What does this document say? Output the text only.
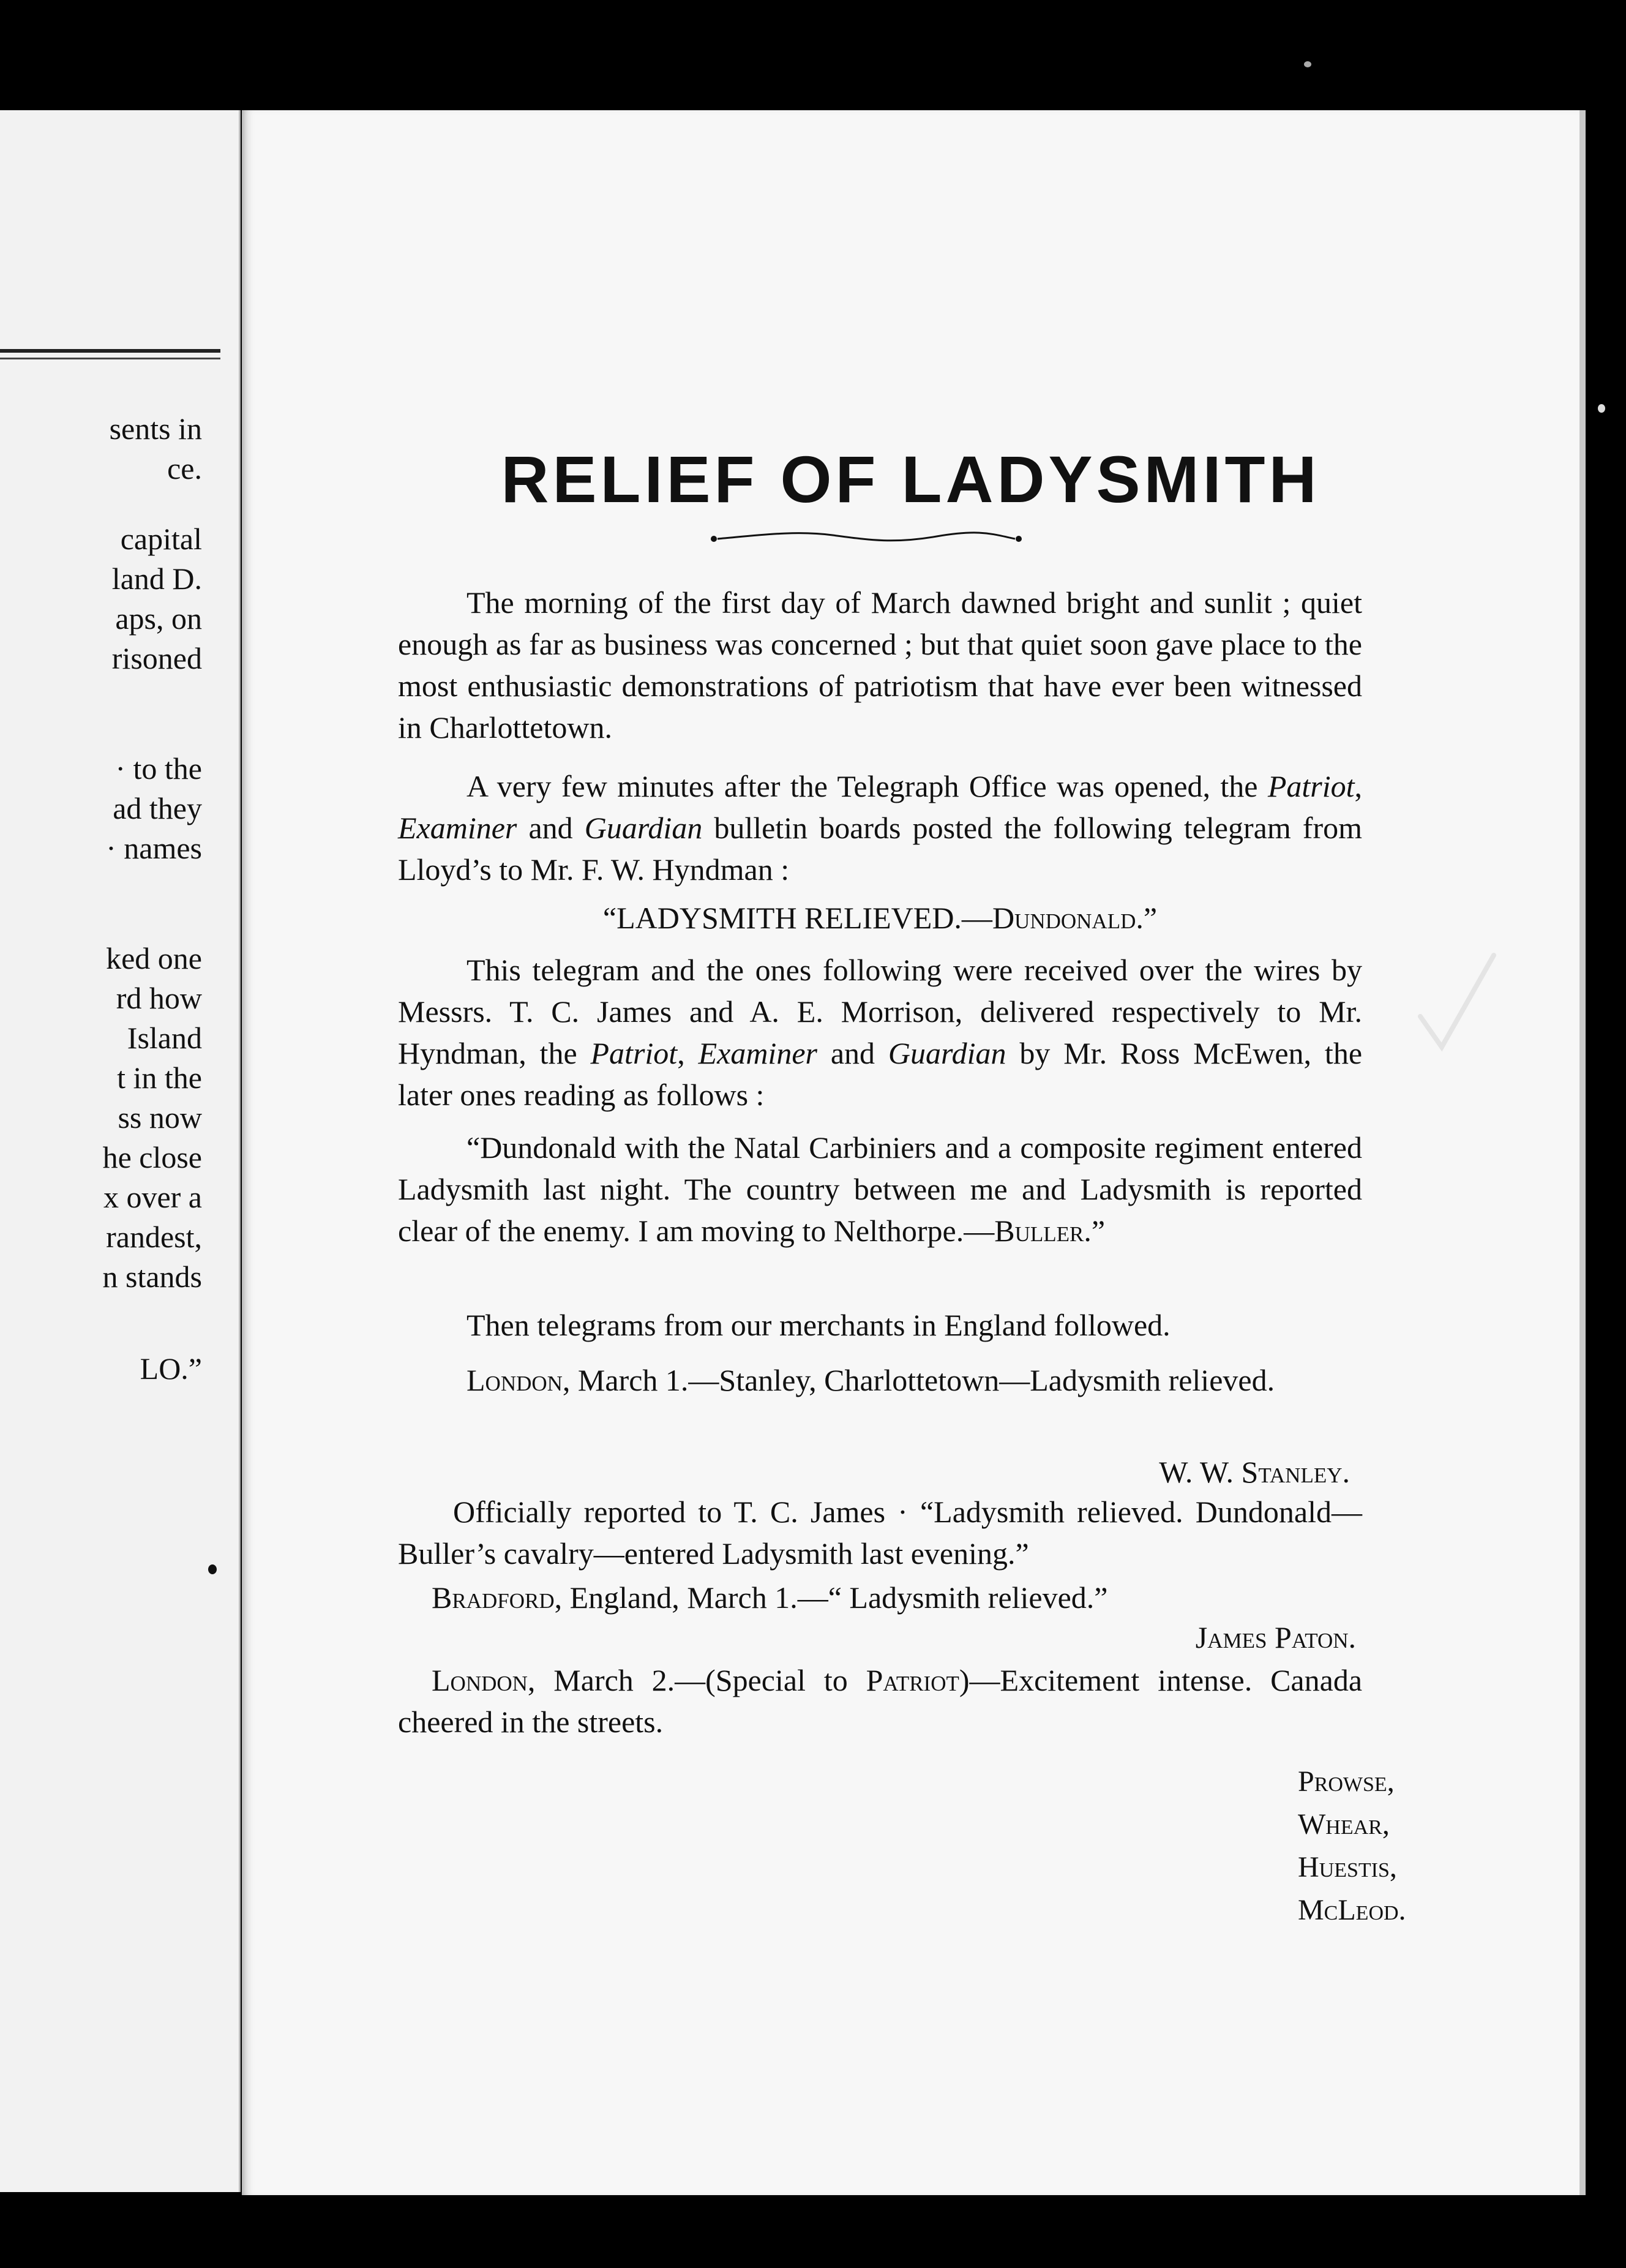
sents in
ce.
capital
land D.
aps, on
risoned
· to the
ad they
· names
ked one
rd how
Island
t in the
ss now
he close
x over a
randest,
n stands
LO.”
RELIEF OF LADYSMITH

The morning of the first day of March dawned bright and sunlit ; quiet enough as far as business was concerned ; but that quiet soon gave place to the most enthusiastic demonstrations of patriotism that have ever been witnessed in Charlottetown.

A very few minutes after the Telegraph Office was opened, the Patriot, Examiner and Guardian bulletin boards posted the following telegram from Lloyd’s to Mr. F. W. Hyndman :

“LADYSMITH RELIEVED.—Dundonald.”

This telegram and the ones following were received over the wires by Messrs. T. C. James and A. E. Morrison, delivered respectively to Mr. Hyndman, the Patriot, Examiner and Guardian by Mr. Ross McEwen, the later ones reading as follows :

“Dundonald with the Natal Carbiniers and a composite regiment entered Ladysmith last night. The country between me and Ladysmith is reported clear of the enemy. I am moving to Nelthorpe.—Buller.”

Then telegrams from our merchants in England followed.

London, March 1.—Stanley, Charlottetown—Ladysmith relieved.

W. W. Stanley.

Officially reported to T. C. James · “Ladysmith relieved. Dundonald—Buller’s cavalry—entered Ladysmith last evening.”

Bradford, England, March 1.—“ Ladysmith relieved.”

James Paton.

London, March 2.—(Special to Patriot)—Excitement intense. Canada cheered in the streets.

Prowse,
Whear,
Huestis,
McLeod.
